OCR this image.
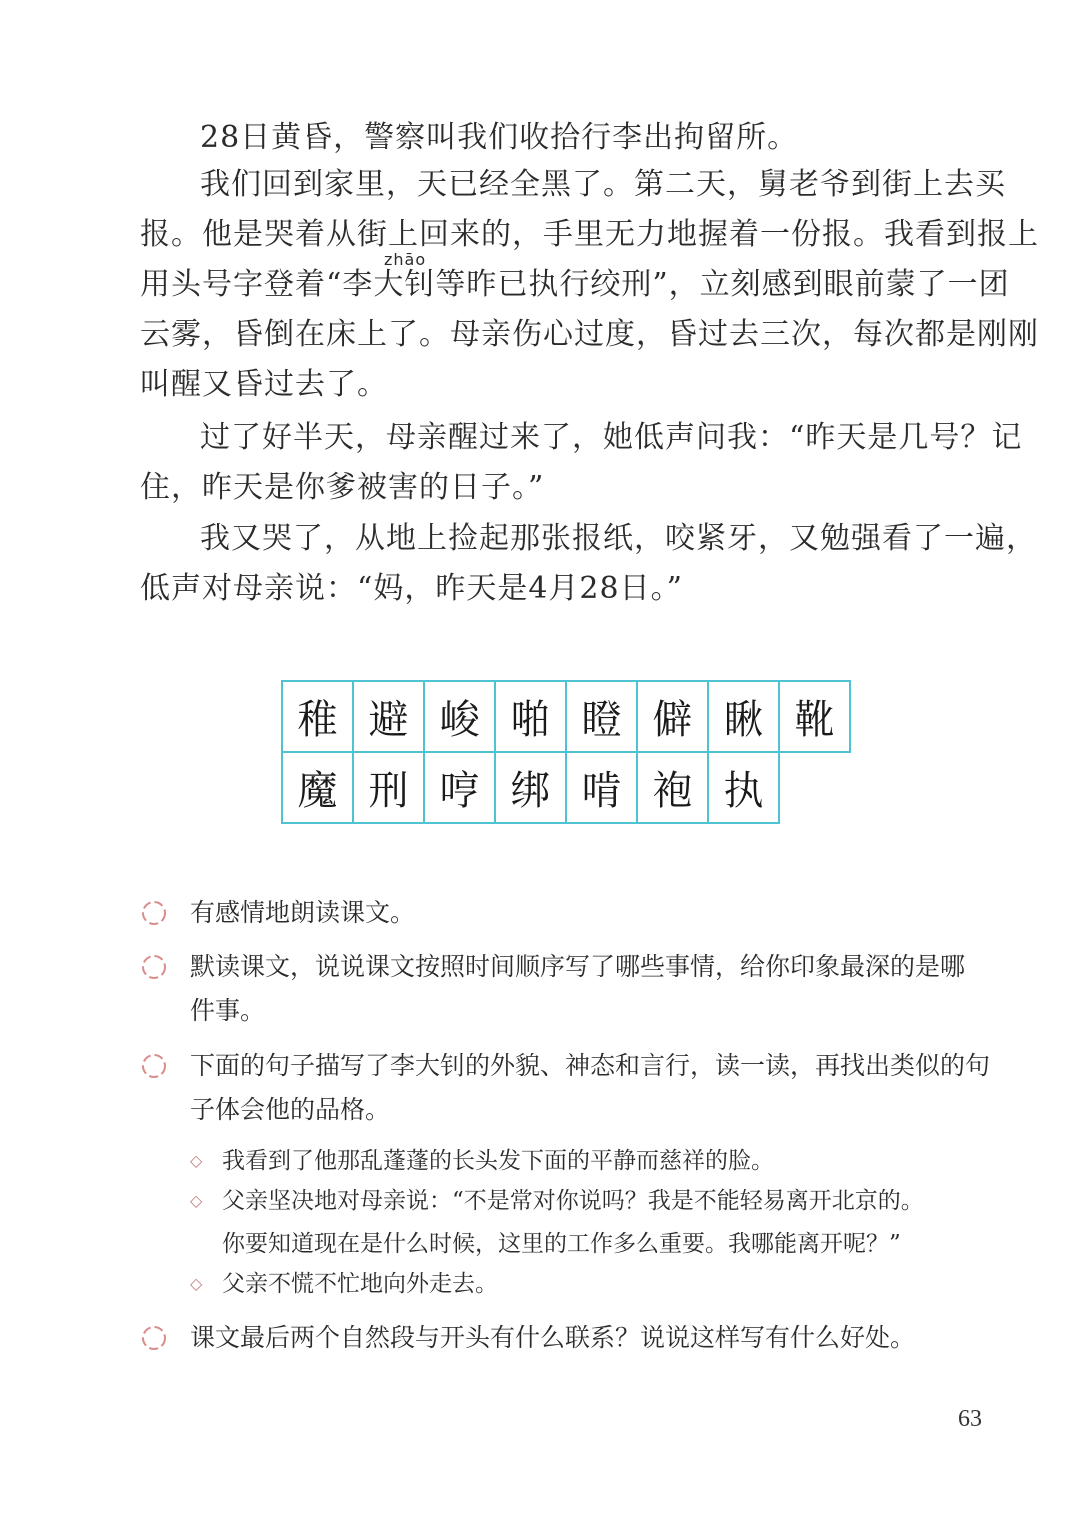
28日黄昏，警察叫我们收拾行李出拘留所。

我们回到家里，天已经全黑了。第二天，舅老爷到街上去买
报。他是哭着从街上回来的，手里无力地握着一份报。我看到报上
用头号字登着“李大钊等昨已执行绞刑”，立刻感到眼前蒙了一团
云雾，昏倒在床上了。母亲伤心过度，昏过去三次，每次都是刚刚
叫醒又昏过去了。

zhāo

过了好半天，母亲醒过来了，她低声问我：“昨天是几号？记
住，昨天是你爹被害的日子。”

我又哭了，从地上捡起那张报纸，咬紧牙，又勉强看了一遍，
低声对母亲说：“妈，昨天是4月28日。”

稚	避	峻	啪	瞪	僻	瞅	靴
魔	刑	哼	绑	啃	袍	执	

有感情地朗读课文。

默读课文，说说课文按照时间顺序写了哪些事情，给你印象最深的是哪
件事。

下面的句子描写了李大钊的外貌、神态和言行，读一读，再找出类似的句
子体会他的品格。

◇ 我看到了他那乱蓬蓬的长头发下面的平静而慈祥的脸。
◇ 父亲坚决地对母亲说：“不是常对你说吗？我是不能轻易离开北京的。
你要知道现在是什么时候，这里的工作多么重要。我哪能离开呢？”
◇ 父亲不慌不忙地向外走去。

课文最后两个自然段与开头有什么联系？说说这样写有什么好处。

63
